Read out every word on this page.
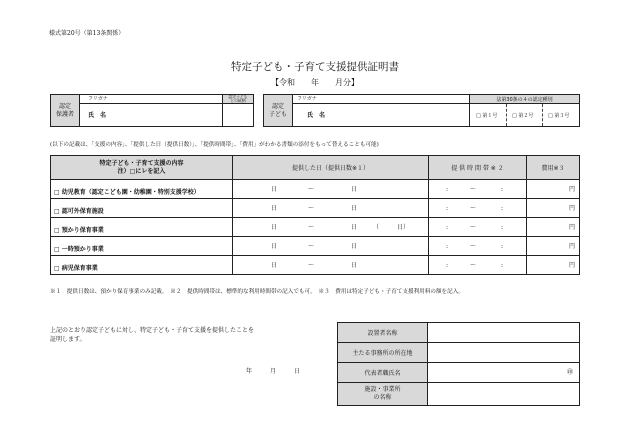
様式第20号（第13条関係）
特定子ども・子育て支援提供証明書
【令和　　年　　月分】
認定
保護者
フリガナ
氏　名
認定子ども
との続柄
認定
子ども
フリガナ
氏　名
法第30条の４の認定種別
□ 第１号	□ 第２号	□ 第３号
(以下の記載は、「支援の内容」、「提供した日（提供日数）」、「提供時間帯」、「費用」がわかる書類の添付をもって替えることも可能)
特定子ども・子育て支援の内容
注）□にレを記入	提供した日（提供日数※１）	提 供 時 間 帯 ※ ２	費用※３
□ 幼児教育（認定こども園・幼稚園・特別支援学校）	日	〜	日	:	〜	:	円
□ 認可外保育施設	日	〜	日	:	〜	:	円
□ 預かり保育事業	日	〜	日	（　　　日）	:	〜	:	円
□ 一時預かり事業	日	〜	日	:	〜	:	円
□ 病児保育事業	日	〜	日	:	〜	:	円
※１　提供日数は、預かり保育事業のみ記載。　※２　提供時間帯は、標準的な利用時間帯の記入でも可。　※３　費用は特定子ども・子育て支援利用料の額を記入。
上記のとおり認定子どもに対し、特定子ども・子育て支援を提供したことを
証明します。
年　　　月　　　日
設置者名称
主たる事務所の所在地
代表者職氏名	㊞
施設・事業所
の名称
